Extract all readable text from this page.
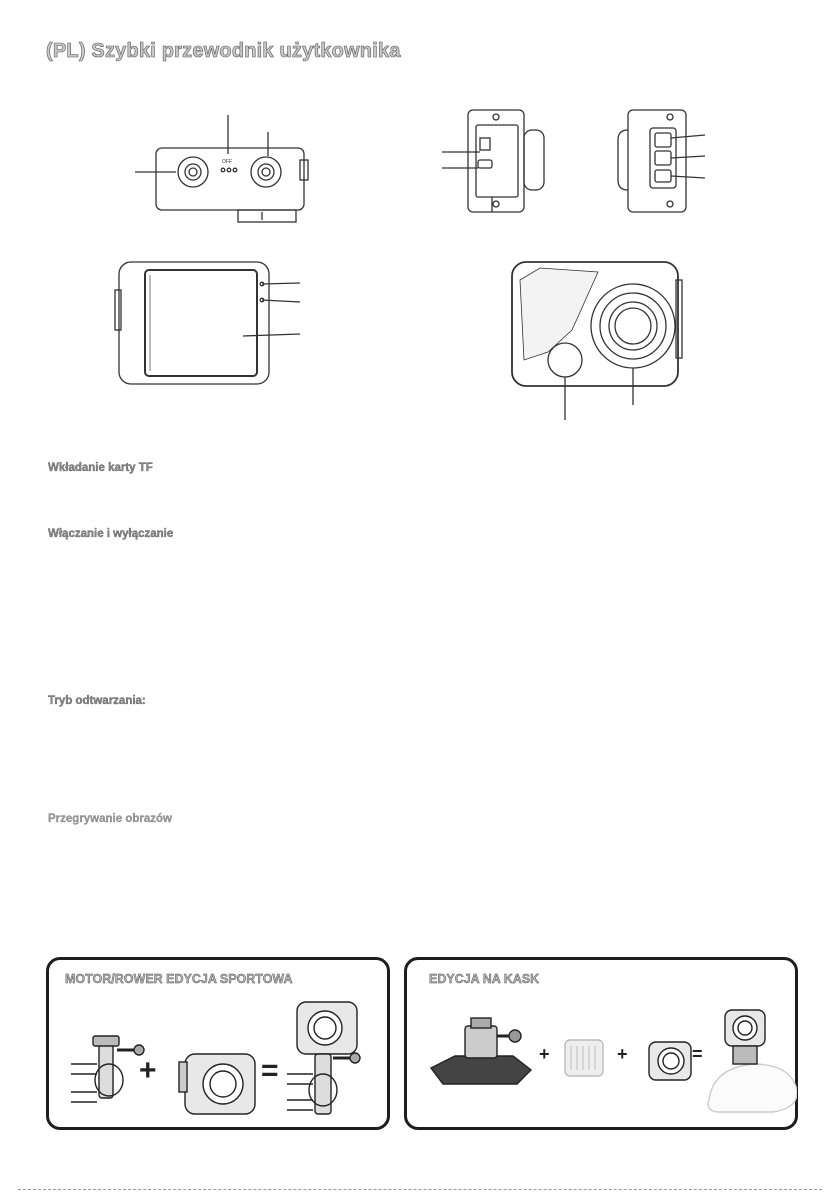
(PL) Szybki przewodnik użytkownika
OFF
Wkładanie karty TF
Włączanie i wyłączanie
Tryb odtwarzania:
Przegrywanie obrazów
MOTOR/ROWER EDYCJA SPORTOWA
+	=
EDYCJA NA KASK
+	+	=
